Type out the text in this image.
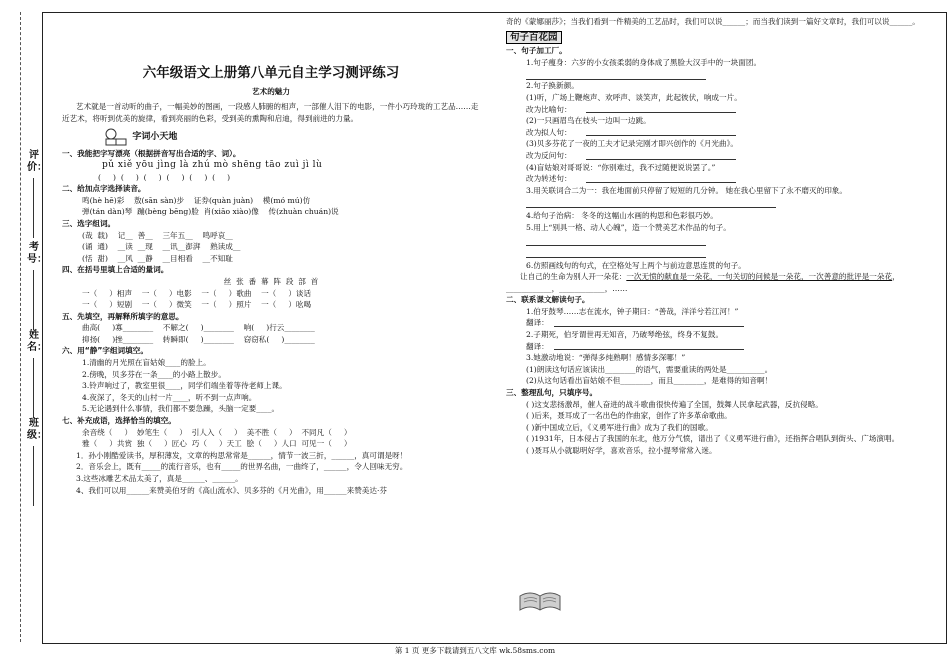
评价：
考号：
姓名：
班级：
六年级语文上册第八单元自主学习测评练习
艺术的魅力
艺术就是一首动听的曲子，一幅美妙的图画，一段感人肺腑的相声，一部催人泪下的电影，一件小巧玲珑的工艺品……走近艺术，将听到优美的旋律，看到亮丽的色彩，受到美的熏陶和启迪，得到前进的力量。
字词小天地
一、我能把字写漂亮（根据拼音写出合适的字、词）。
pǔ xiě yōu jìng là zhú mò shēng tāo zuì jì lù
(     )  (     )  (     )  (     )  (     )  (     )
二、给加点字选择读音。
鸣(hè hē)彩    敖(sān sàn)步    证券(quàn juàn)    模(mó mú)仿
弹(tán dàn)琴  蹦(bèng bēng)脸  肖(xiāo xiào)像    传(zhuàn chuán)说
三、选字组词。
(哉  载)    记__  善__    三年五__    鸣呼哀__
(诵  通)    __读  __现    __讯__澎湃    熟读成__
(恬  甜)    __风  __静    __目相看    __不知耻
四、在括号里填上合适的量词。
丝  张  番  幕  阵  段  部  首
一（     ）相声    一（     ）电影    一（     ）歌曲    一（     ）谈话
一（     ）短剧    一（     ）微笑    一（     ）照片    一（     ）吆喝
五、先填空，再解释所填字的意思。
曲高(     )寡________    不解之(     )________    响(     )行云________
抑扬(     )挫________    转瞬即(     )________    窃窃私(     )________
六、用“静”字组词填空。
1.清幽的月光照在盲姑娘____的脸上。
2.傍晚，贝多芬在一条____的小路上散步。
3.铃声响过了，教室里很____，同学们端坐着等待老师上课。
4.夜深了，冬天的山村一片____，听不到一点声响。
5.无论遇到什么事情，我们都不要急躁，头脑一定要____。
七、补充成语，选择恰当的填空。
余音绕（     ）  妙笔生（     ）  引人入（     ）  美不胜（     ）  不同凡（     ）
雅（     ）共赏  独（     ）匠心  巧（     ）天工  脍（     ）人口  可见一（     ）
1．孙小刚酷爱读书，厚积薄发，文章的构思常常是______，情节一波三折，______，真可谓是呀！
2．音乐会上，既有_____的流行音乐，也有_____的世界名曲，一曲终了，______，令人回味无穷。
3.这些冰雕艺术品太美了，真是______、______。
4、我们可以用______来赞美伯牙的《高山流水》、贝多芬的《月光曲》，用______来赞美达·芬
奇的《蒙娜丽莎》；当我们看到一件精美的工艺品时，我们可以说______；而当我们读到一篇好文章时，我们可以说______。
句子百花园
一、句子加工厂。
1.句子瘦身：六岁的小女孩柔弱的身体成了黑脸大汉手中的一块面团。
2.句子换新颜。
(1)听，广场上鞭炮声、欢呼声、谈笑声，此起彼伏，响成一片。
改为比喻句：
(2)一只画眉鸟在枝头一边叫一边跳。
改为拟人句：
(3)贝多芬花了一夜的工夫才记录完刚才即兴创作的《月光曲》。
改为反问句：
(4)盲姑娘对哥哥说：“你别难过，我不过随便说说罢了。”
改为转述句：
3.用关联词合二为一：我在地面前只停留了短短的几分钟。 她在我心里留下了永不磨灭的印象。
4.给句子治病： 冬冬的这幅山水画的构思和色彩很巧妙。
5.用上“别具一格、动人心魄”，造一个赞美艺术作品的句子。
6.仿照画线句的句式，在空格处写上两个与前边意思连贯的句子。
让自己的生命为别人开一朵花：一次无愤的献血是一朵花，一句关切的问候是一朵花，一次善意的批评是一朵花，____________，____________，……
二、联系课文解读句子。
1.伯牙鼓琴……志在流水，钟子期曰：“善哉，洋洋兮若江河！”
翻译：
2.子期死，伯牙谓世再无知音，乃破琴绝弦，终身不复鼓。
翻译：
3.她激动地说：“弹得多纯熟啊！感情多深哪！”
(1)朗读这句话应该读出________的语气，需要重读的两处是__________。
(2)从这句话看出盲姑娘不但________，而且________，是难得的知音啊！
三、整理乱句，只填序号。
( )这支悲扬激昂，催人奋进的战斗歌曲很快传遍了全国，鼓舞人民拿起武器，反抗侵略。
( )后来，聂耳成了一名出色的作曲家，创作了许多革命歌曲。
( )新中国成立后，《义勇军进行曲》成为了我们的国歌。
( )1931年，日本侵占了我国的东北，他万分气愤，谱出了《义勇军进行曲》，还指挥合唱队到街头、广场演唱。
( )聂耳从小就聪明好学，喜欢音乐，拉小提琴常常入迷。
第 1 页 更多下载请到五八文库 wk.58sms.com
